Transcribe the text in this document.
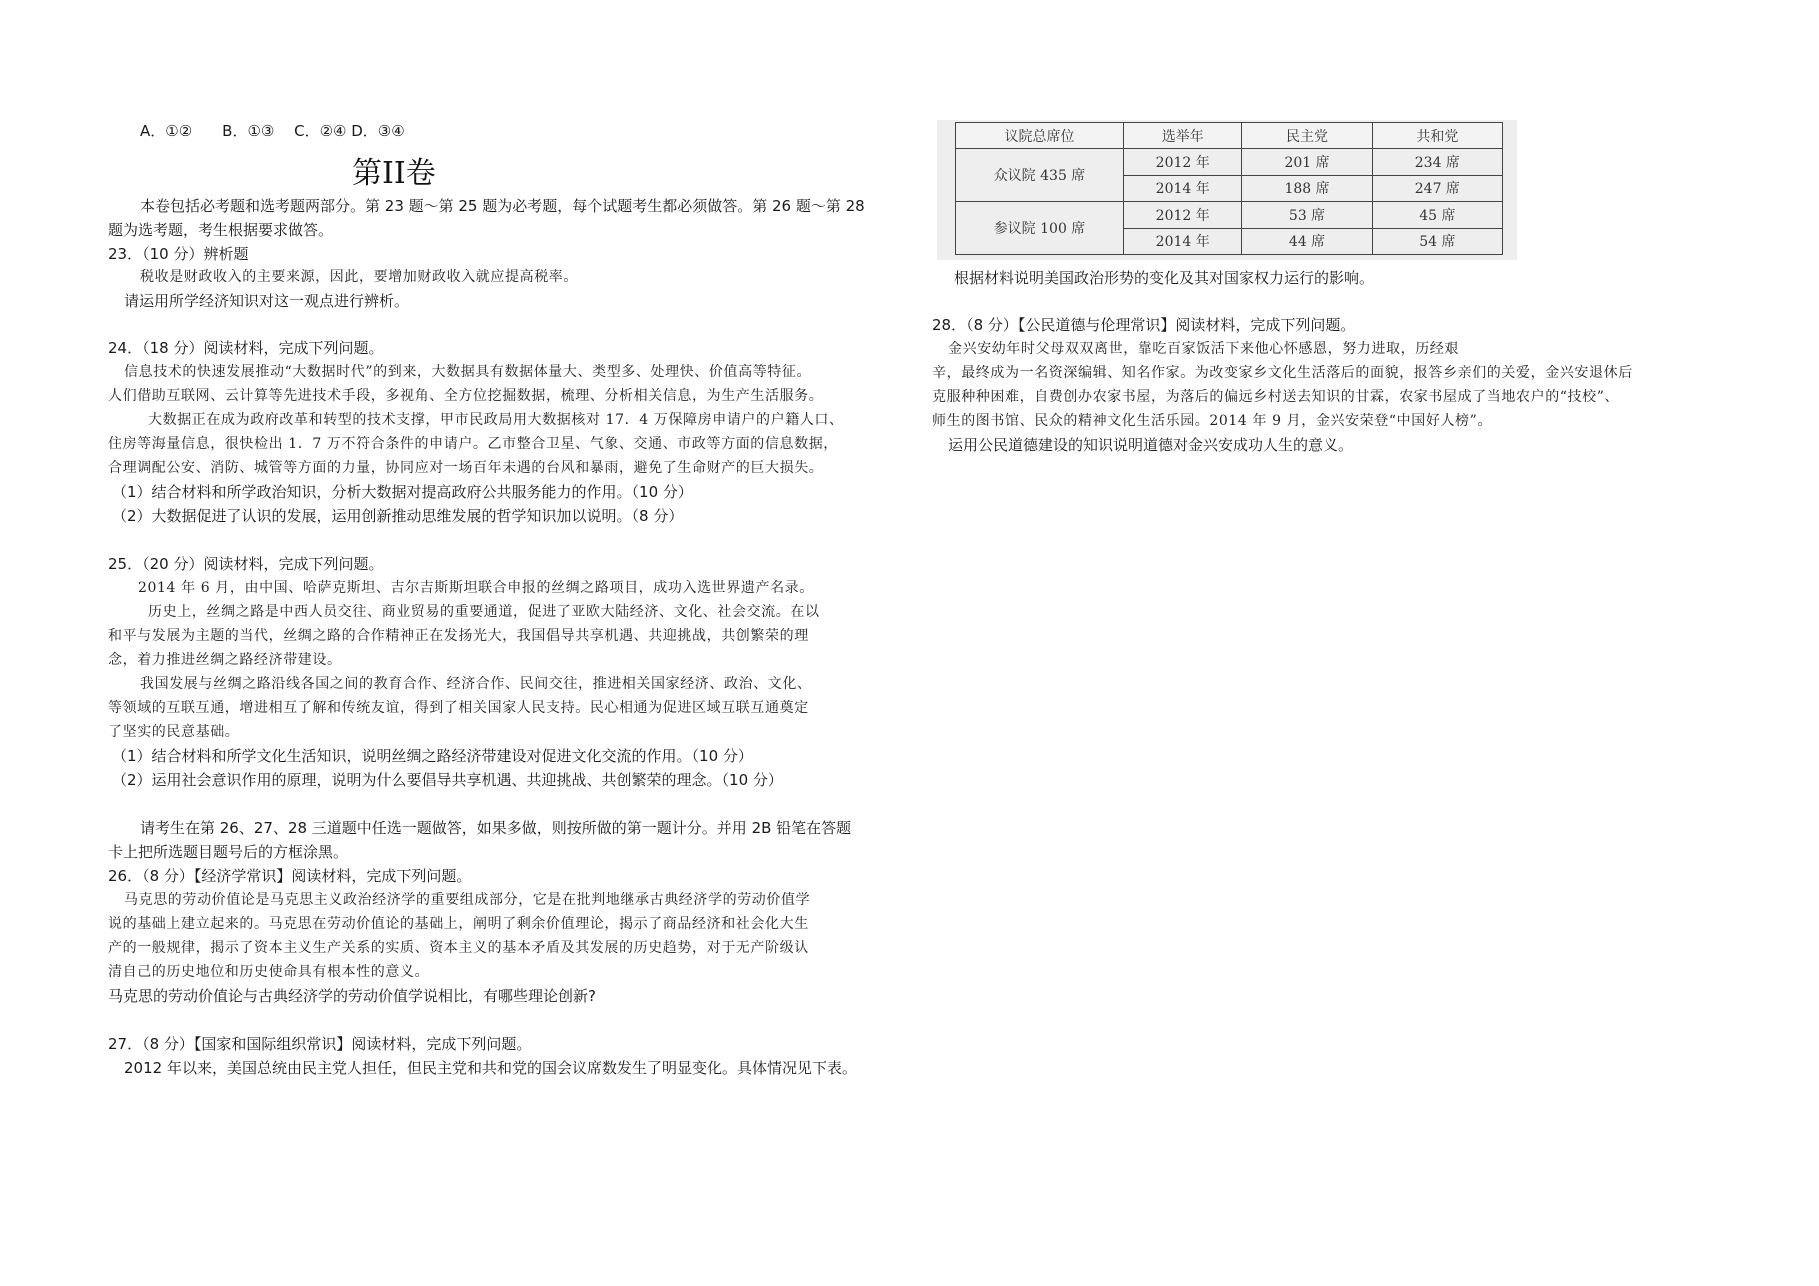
A．①②　　B．①③　 C．②④ D．③④
第II卷
本卷包括必考题和选考题两部分。第 23 题～第 25 题为必考题，每个试题考生都必须做答。第 26 题～第 28
题为选考题，考生根据要求做答。
23．（10 分）辨析题
税收是财政收入的主要来源，因此，要增加财政收入就应提高税率。
请运用所学经济知识对这一观点进行辨析。
24．（18 分）阅读材料，完成下列问题。
信息技术的快速发展推动“大数据时代”的到来，大数据具有数据体量大、类型多、处理快、价值高等特征。
人们借助互联网、云计算等先进技术手段，多视角、全方位挖掘数据，梳理、分析相关信息，为生产生活服务。
大数据正在成为政府改革和转型的技术支撑，甲市民政局用大数据核对 17．4 万保障房申请户的户籍人口、
住房等海量信息，很快检出 1．7 万不符合条件的申请户。乙市整合卫星、气象、交通、市政等方面的信息数据，
合理调配公安、消防、城管等方面的力量，协同应对一场百年未遇的台风和暴雨，避免了生命财产的巨大损失。
（1）结合材料和所学政治知识，分析大数据对提高政府公共服务能力的作用。（10 分）
（2）大数据促进了认识的发展，运用创新推动思维发展的哲学知识加以说明。（8 分）
25．（20 分）阅读材料，完成下列问题。
2014 年 6 月，由中国、哈萨克斯坦、吉尔吉斯斯坦联合申报的丝绸之路项目，成功入选世界遗产名录。
历史上，丝绸之路是中西人员交往、商业贸易的重要通道，促进了亚欧大陆经济、文化、社会交流。在以
和平与发展为主题的当代，丝绸之路的合作精神正在发扬光大，我国倡导共享机遇、共迎挑战，共创繁荣的理
念，着力推进丝绸之路经济带建设。
我国发展与丝绸之路沿线各国之间的教育合作、经济合作、民间交往，推进相关国家经济、政治、文化、
等领域的互联互通，增进相互了解和传统友谊，得到了相关国家人民支持。民心相通为促进区域互联互通奠定
了坚实的民意基础。
（1）结合材料和所学文化生活知识，说明丝绸之路经济带建设对促进文化交流的作用。（10 分）
（2）运用社会意识作用的原理，说明为什么要倡导共享机遇、共迎挑战、共创繁荣的理念。（10 分）
请考生在第 26、27、28 三道题中任选一题做答，如果多做，则按所做的第一题计分。并用 2B 铅笔在答题
卡上把所选题目题号后的方框涂黑。
26．（8 分）【经济学常识】阅读材料，完成下列问题。
马克思的劳动价值论是马克思主义政治经济学的重要组成部分，它是在批判地继承古典经济学的劳动价值学
说的基础上建立起来的。马克思在劳动价值论的基础上，阐明了剩余价值理论，揭示了商品经济和社会化大生
产的一般规律，揭示了资本主义生产关系的实质、资本主义的基本矛盾及其发展的历史趋势，对于无产阶级认
清自己的历史地位和历史使命具有根本性的意义。
马克思的劳动价值论与古典经济学的劳动价值学说相比，有哪些理论创新?
27．（8 分）【国家和国际组织常识】阅读材料，完成下列问题。
2012 年以来，美国总统由民主党人担任，但民主党和共和党的国会议席数发生了明显变化。具体情况见下表。
议院总席位	选举年	民主党	共和党
众议院 435 席	2012 年	201 席	234 席
	2014 年	188 席	247 席
参议院 100 席	2012 年	53 席	45 席
	2014 年	44 席	54 席
根据材料说明美国政治形势的变化及其对国家权力运行的影响。
28．（8 分）【公民道德与伦理常识】阅读材料，完成下列问题。
金兴安幼年时父母双双离世，靠吃百家饭活下来他心怀感恩，努力进取，历经艰
辛，最终成为一名资深编辑、知名作家。为改变家乡文化生活落后的面貌，报答乡亲们的关爱，金兴安退休后
克服种种困难，自费创办农家书屋，为落后的偏远乡村送去知识的甘霖，农家书屋成了当地农户的“技校”、
师生的图书馆、民众的精神文化生活乐园。2014 年 9 月，金兴安荣登“中国好人榜”。
运用公民道德建设的知识说明道德对金兴安成功人生的意义。
